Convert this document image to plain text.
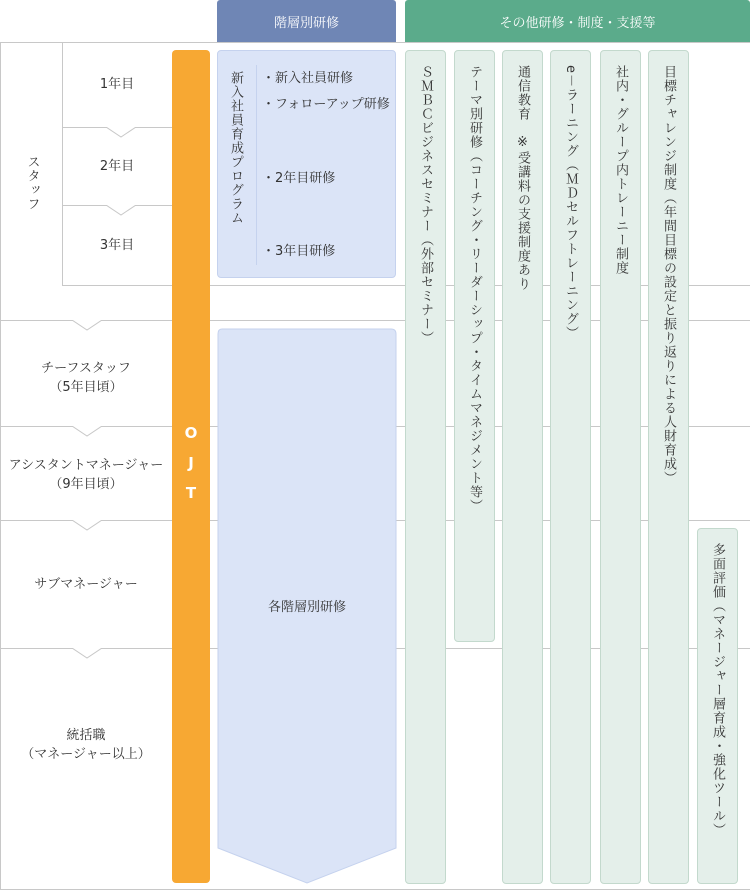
階層別研修	その他研修・制度・支援等
スタッフ
1年目
2年目
3年目
チーフスタッフ
（5年目頃）
アシスタントマネージャー
（9年目頃）
サブマネージャー
統括職
（マネージャー以上）
O
J
T
新入社員育成プログラム ・新入社員研修
・フォローアップ研修
・2年目研修
・3年目研修
各階層別研修
ＳＭＢＣビジネスセミナー（外部セミナー）	テーマ別研修（コーチング・リーダーシップ・タイムマネジメント等）	通信教育　※受講料の支援制度あり	e－ラーニング（ＭＤセルフトレーニング）	社内・グループ内トレーニー制度	目標チャレンジ制度（年間目標の設定と振り返りによる人財育成）
多面評価（マネージャー層育成・強化ツール）
